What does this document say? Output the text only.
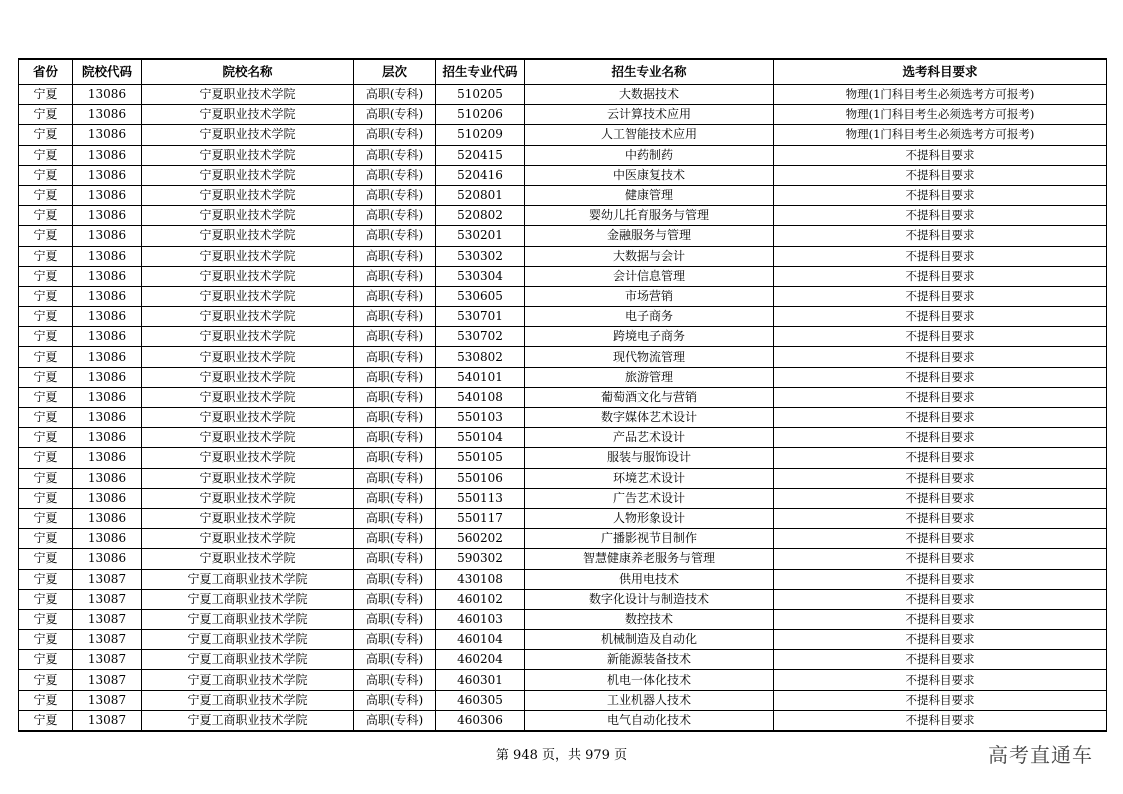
省份	院校代码	院校名称	层次	招生专业代码	招生专业名称	选考科目要求
宁夏	13086	宁夏职业技术学院	高职(专科)	510205	大数据技术	物理(1门科目考生必须选考方可报考)
宁夏	13086	宁夏职业技术学院	高职(专科)	510206	云计算技术应用	物理(1门科目考生必须选考方可报考)
宁夏	13086	宁夏职业技术学院	高职(专科)	510209	人工智能技术应用	物理(1门科目考生必须选考方可报考)
宁夏	13086	宁夏职业技术学院	高职(专科)	520415	中药制药	不提科目要求
宁夏	13086	宁夏职业技术学院	高职(专科)	520416	中医康复技术	不提科目要求
宁夏	13086	宁夏职业技术学院	高职(专科)	520801	健康管理	不提科目要求
宁夏	13086	宁夏职业技术学院	高职(专科)	520802	婴幼儿托育服务与管理	不提科目要求
宁夏	13086	宁夏职业技术学院	高职(专科)	530201	金融服务与管理	不提科目要求
宁夏	13086	宁夏职业技术学院	高职(专科)	530302	大数据与会计	不提科目要求
宁夏	13086	宁夏职业技术学院	高职(专科)	530304	会计信息管理	不提科目要求
宁夏	13086	宁夏职业技术学院	高职(专科)	530605	市场营销	不提科目要求
宁夏	13086	宁夏职业技术学院	高职(专科)	530701	电子商务	不提科目要求
宁夏	13086	宁夏职业技术学院	高职(专科)	530702	跨境电子商务	不提科目要求
宁夏	13086	宁夏职业技术学院	高职(专科)	530802	现代物流管理	不提科目要求
宁夏	13086	宁夏职业技术学院	高职(专科)	540101	旅游管理	不提科目要求
宁夏	13086	宁夏职业技术学院	高职(专科)	540108	葡萄酒文化与营销	不提科目要求
宁夏	13086	宁夏职业技术学院	高职(专科)	550103	数字媒体艺术设计	不提科目要求
宁夏	13086	宁夏职业技术学院	高职(专科)	550104	产品艺术设计	不提科目要求
宁夏	13086	宁夏职业技术学院	高职(专科)	550105	服装与服饰设计	不提科目要求
宁夏	13086	宁夏职业技术学院	高职(专科)	550106	环境艺术设计	不提科目要求
宁夏	13086	宁夏职业技术学院	高职(专科)	550113	广告艺术设计	不提科目要求
宁夏	13086	宁夏职业技术学院	高职(专科)	550117	人物形象设计	不提科目要求
宁夏	13086	宁夏职业技术学院	高职(专科)	560202	广播影视节目制作	不提科目要求
宁夏	13086	宁夏职业技术学院	高职(专科)	590302	智慧健康养老服务与管理	不提科目要求
宁夏	13087	宁夏工商职业技术学院	高职(专科)	430108	供用电技术	不提科目要求
宁夏	13087	宁夏工商职业技术学院	高职(专科)	460102	数字化设计与制造技术	不提科目要求
宁夏	13087	宁夏工商职业技术学院	高职(专科)	460103	数控技术	不提科目要求
宁夏	13087	宁夏工商职业技术学院	高职(专科)	460104	机械制造及自动化	不提科目要求
宁夏	13087	宁夏工商职业技术学院	高职(专科)	460204	新能源装备技术	不提科目要求
宁夏	13087	宁夏工商职业技术学院	高职(专科)	460301	机电一体化技术	不提科目要求
宁夏	13087	宁夏工商职业技术学院	高职(专科)	460305	工业机器人技术	不提科目要求
宁夏	13087	宁夏工商职业技术学院	高职(专科)	460306	电气自动化技术	不提科目要求
第 948 页，共 979 页	高考直通车
